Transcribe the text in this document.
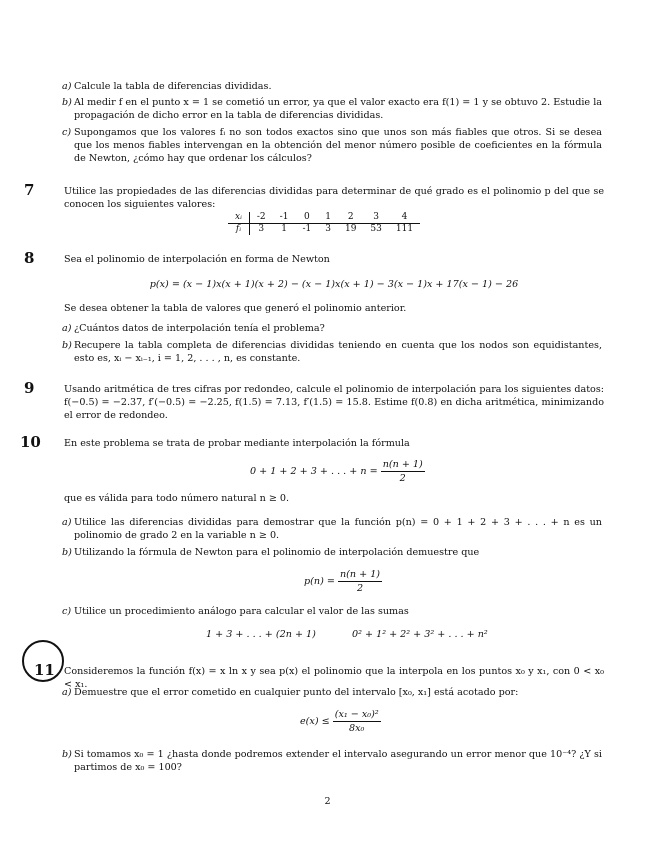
a) Calcule la tabla de diferencias divididas.
b) Al medir f en el punto x = 1 se cometió un error, ya que el valor exacto era f(1) = 1 y se obtuvo 2. Estudie la propagación de dicho error en la tabla de diferencias divididas.
c) Supongamos que los valores fᵢ no son todos exactos sino que unos son más fiables que otros. Si se desea que los menos fiables intervengan en la obtención del menor número posible de coeficientes en la fórmula de Newton, ¿cómo hay que ordenar los cálculos?
7	Utilice las propiedades de las diferencias divididas para determinar de qué grado es el polinomio p del que se conocen los siguientes valores:
xᵢ	-2	-1	0	1	2	3	4
fᵢ	3	1	-1	3	19	53	111
8	Sea el polinomio de interpolación en forma de Newton
p(x) = (x − 1)x(x + 1)(x + 2) − (x − 1)x(x + 1) − 3(x − 1)x + 17(x − 1) − 26
Se desea obtener la tabla de valores que generó el polinomio anterior.
a) ¿Cuántos datos de interpolación tenía el problema?
b) Recupere la tabla completa de diferencias divididas teniendo en cuenta que los nodos son equidistantes, esto es, xᵢ − xᵢ₋₁, i = 1, 2, . . . , n, es constante.
9	Usando aritmética de tres cifras por redondeo, calcule el polinomio de interpolación para los siguientes datos: f(−0.5) = −2.37, f′(−0.5) = −2.25, f(1.5) = 7.13, f′(1.5) = 15.8. Estime f(0.8) en dicha aritmética, minimizando el error de redondeo.
10 En este problema se trata de probar mediante interpolación la fórmula
0 + 1 + 2 + 3 + . . . + $n = \frac{n(n + 1)}{2}$
que es válida para todo número natural n ≥ 0.
a) Utilice las diferencias divididas para demostrar que la función p(n) = 0 + 1 + 2 + 3 + . . . + n es un polinomio de grado 2 en la variable n ≥ 0.
b) Utilizando la fórmula de Newton para el polinomio de interpolación demuestre que
$p(n) = \frac{n(n + 1)}{2}$
c) Utilice un procedimiento análogo para calcular el valor de las sumas
1 + 3 + . . . + (2n + 1)	0² + 1² + 2² + 3² + . . . + n²
11 Consideremos la función f(x) = x ln x y sea p(x) el polinomio que la interpola en los puntos x₀ y x₁, con 0 < x₀ < x₁.
a) Demuestre que el error cometido en cualquier punto del intervalo [x₀, x₁] está acotado por:
$e(x) \le \frac{\text{(x₁ − x₀)²}}{\text{8x₀}}$
b) Si tomamos x₀ = 1 ¿hasta donde podremos extender el intervalo asegurando un error menor que 10⁻⁴? ¿Y si partimos de x₀ = 100?
2
